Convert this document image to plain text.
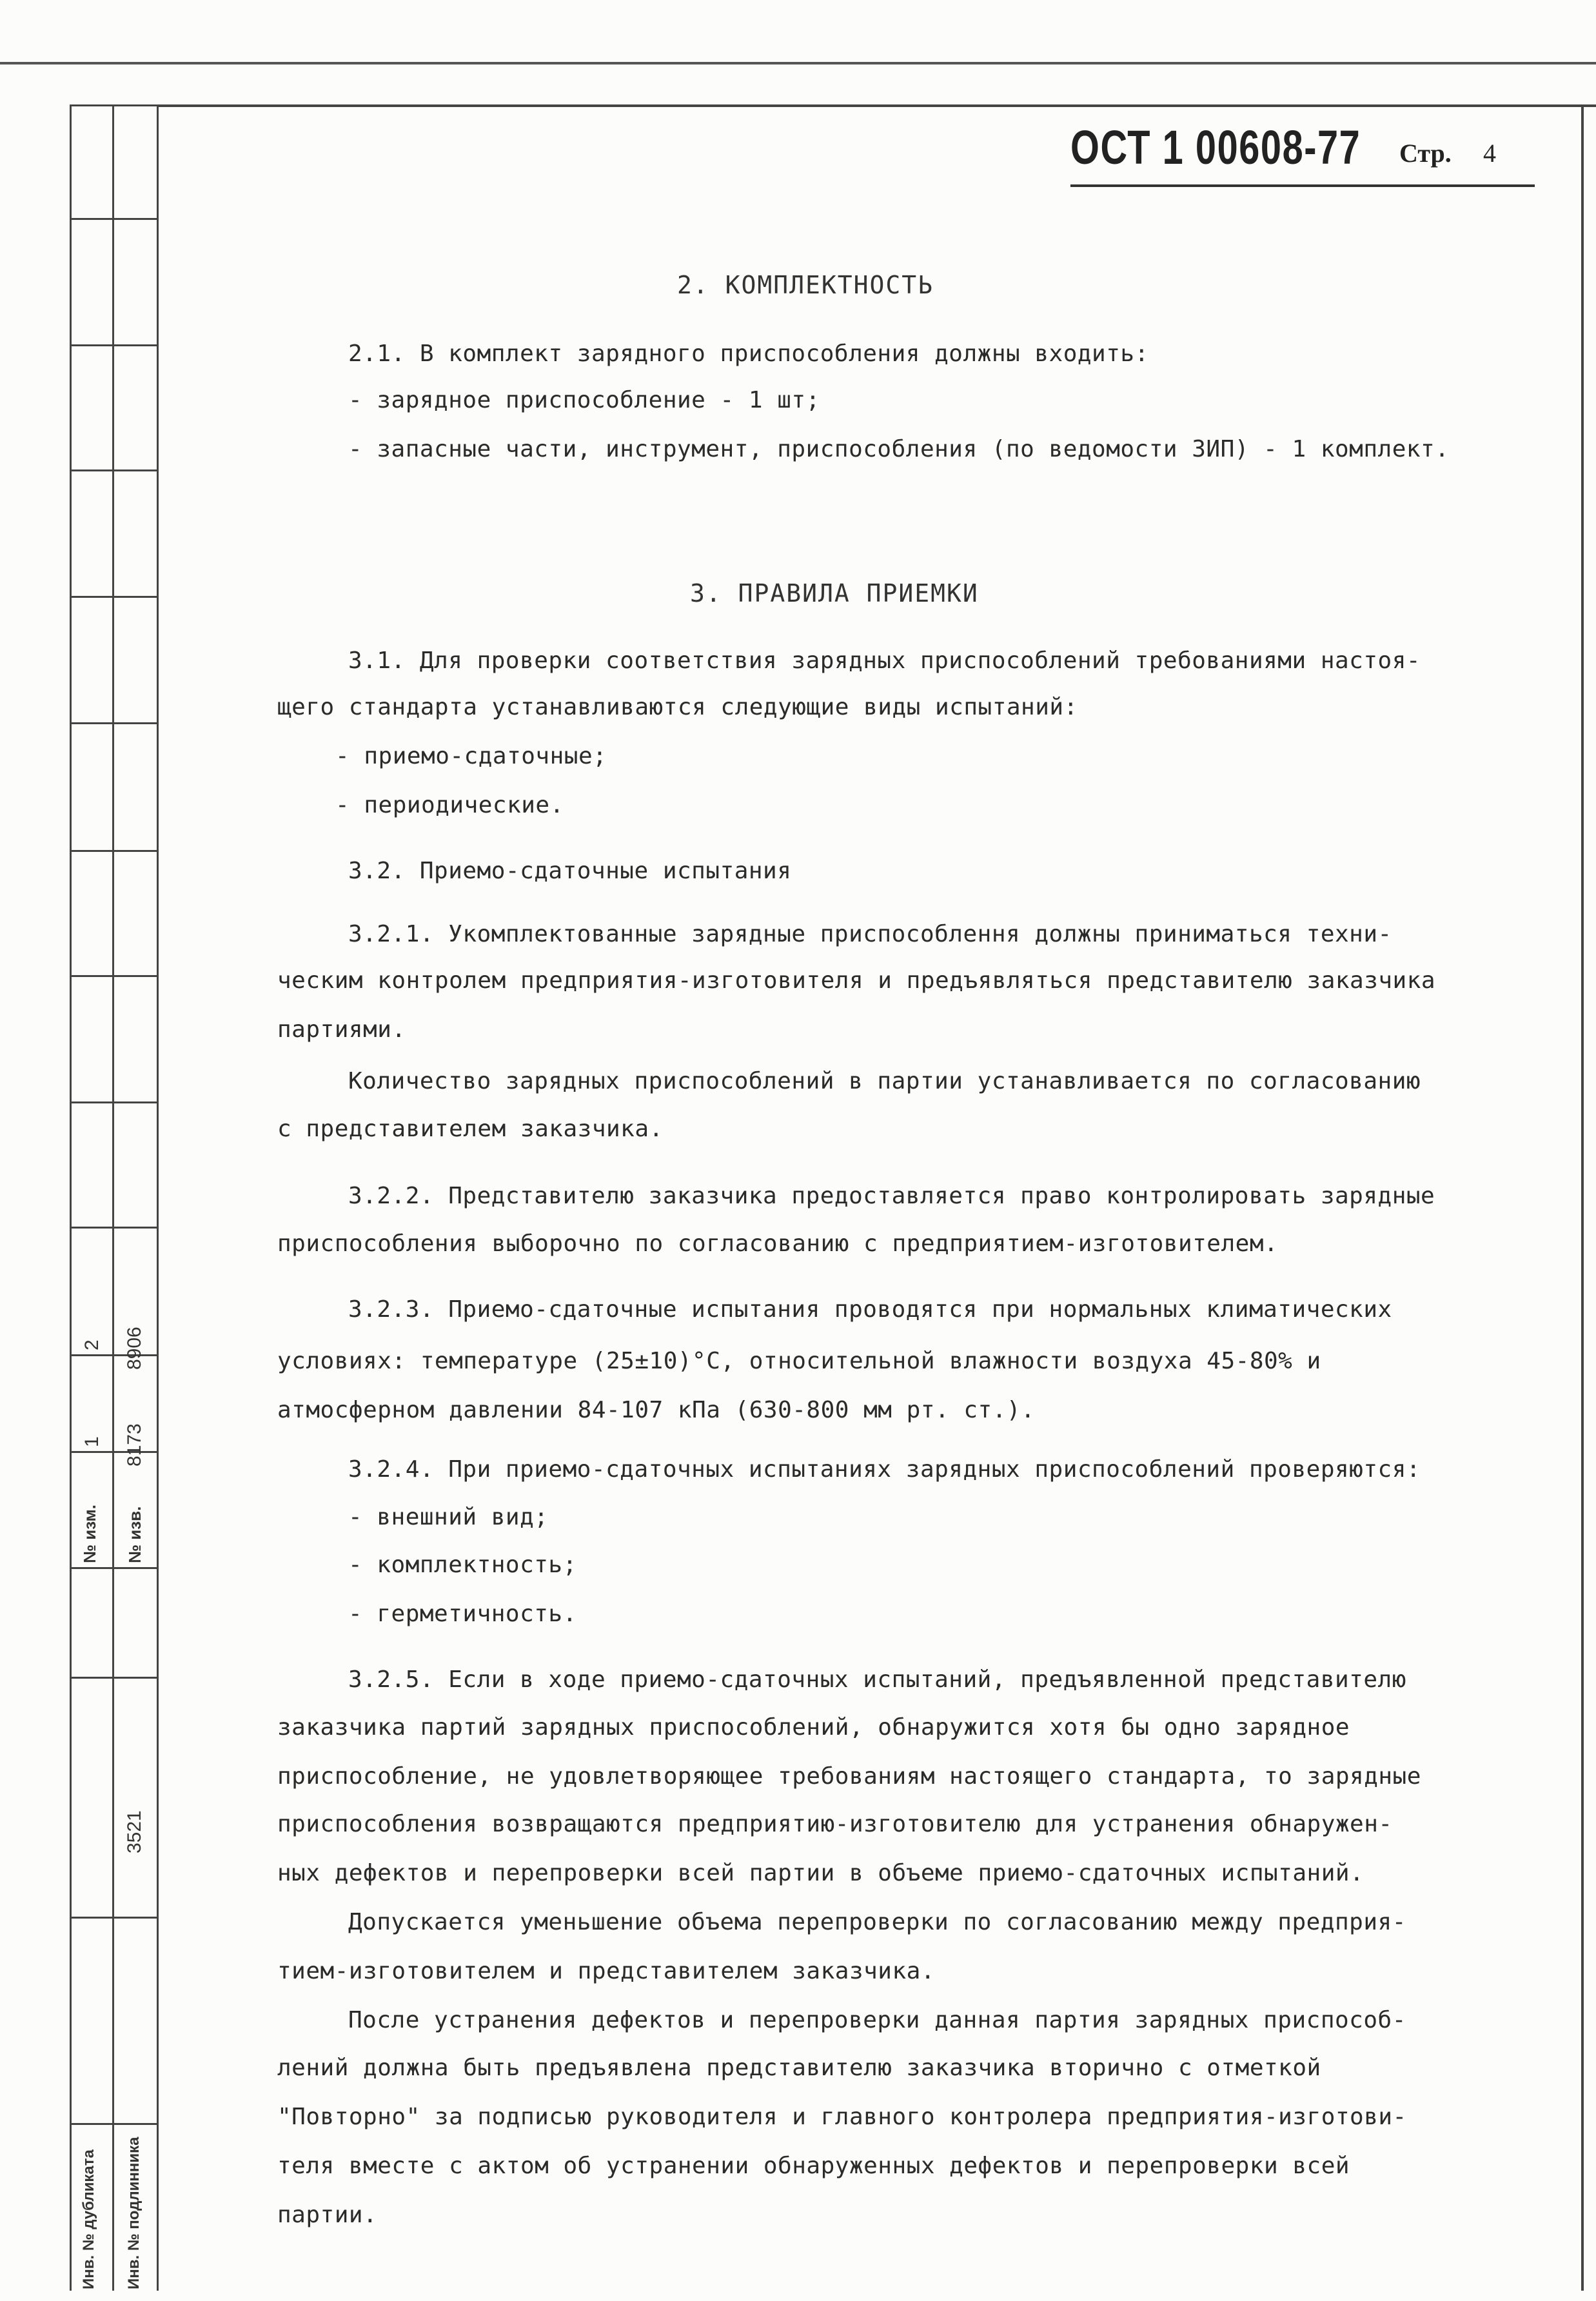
№ изм. № изв.
1
2
8173
8906
3521
Инв. № дубликата Инв. № подлинника
ОСТ 1 00608-77 Стр. 4
2. КОМПЛЕКТНОСТЬ
2.1. В комплект зарядного приспособления должны входить:
- зарядное приспособление - 1 шт;
- запасные части, инструмент, приспособления (по ведомости ЗИП) - 1 комплект.
3. ПРАВИЛА ПРИЕМКИ
3.1. Для проверки соответствия зарядных приспособлений требованиями настоя-
щего стандарта устанавливаются следующие виды испытаний:
- приемо-сдаточные;
- периодические.
3.2. Приемо-сдаточные испытания
3.2.1. Укомплектованные зарядные приспособлення должны приниматься техни-
ческим контролем предприятия-изготовителя и предъявляться представителю заказчика
партиями.
Количество зарядных приспособлений в партии устанавливается по согласованию
с представителем заказчика.
3.2.2. Представителю заказчика предоставляется право контролировать зарядные
приспособления выборочно по согласованию с предприятием-изготовителем.
3.2.3. Приемо-сдаточные испытания проводятся при нормальных климатических
условиях: температуре (25±10)°С, относительной влажности воздуха 45-80% и
атмосферном давлении 84-107 кПа (630-800 мм рт. ст.).
3.2.4. При приемо-сдаточных испытаниях зарядных приспособлений проверяются:
- внешний вид;
- комплектность;
- герметичность.
3.2.5. Если в ходе приемо-сдаточных испытаний, предъявленной представителю
заказчика партий зарядных приспособлений, обнаружится хотя бы одно зарядное
приспособление, не удовлетворяющее требованиям настоящего стандарта, то зарядные
приспособления возвращаются предприятию-изготовителю для устранения обнаружен-
ных дефектов и перепроверки всей партии в объеме приемо-сдаточных испытаний.
Допускается уменьшение объема перепроверки по согласованию между предприя-
тием-изготовителем и представителем заказчика.
После устранения дефектов и перепроверки данная партия зарядных приспособ-
лений должна быть предъявлена представителю заказчика вторично с отметкой
"Повторно" за подписью руководителя и главного контролера предприятия-изготови-
теля вместе с актом об устранении обнаруженных дефектов и перепроверки всей
партии.
